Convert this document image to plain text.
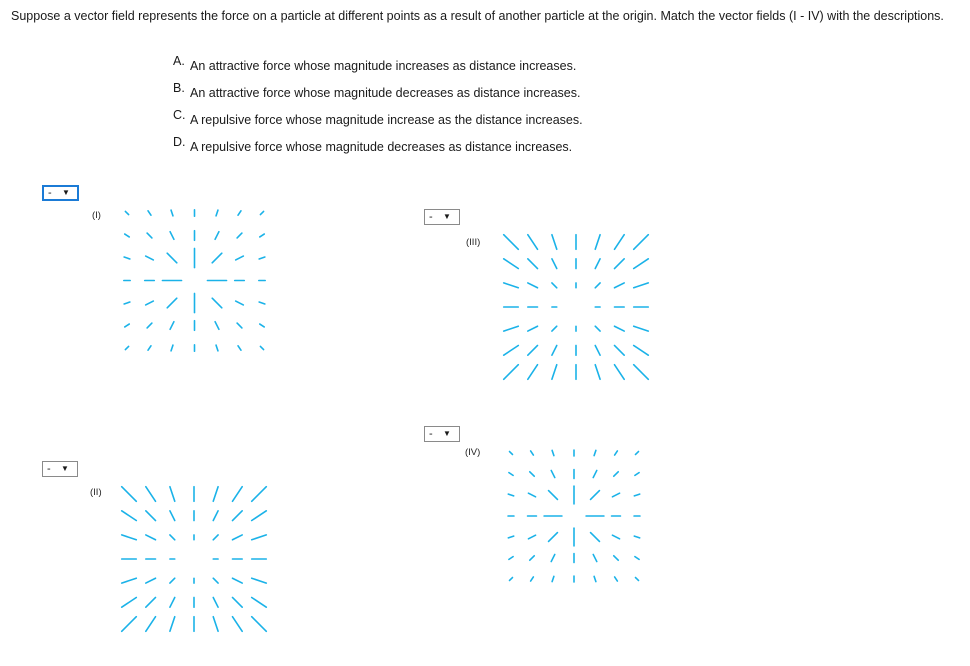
Suppose a vector field represents the force on a particle at different points as a result of another particle at the origin. Match the vector fields (I - IV) with the descriptions.
A. An attractive force whose magnitude increases as distance increases.
B. An attractive force whose magnitude decreases as distance increases.
C. A repulsive force whose magnitude increase as the distance increases.
D. A repulsive force whose magnitude decreases as distance increases.
-	▼
(I)
-	▼
(II)
-	▼
(III)
-	▼
(IV)
